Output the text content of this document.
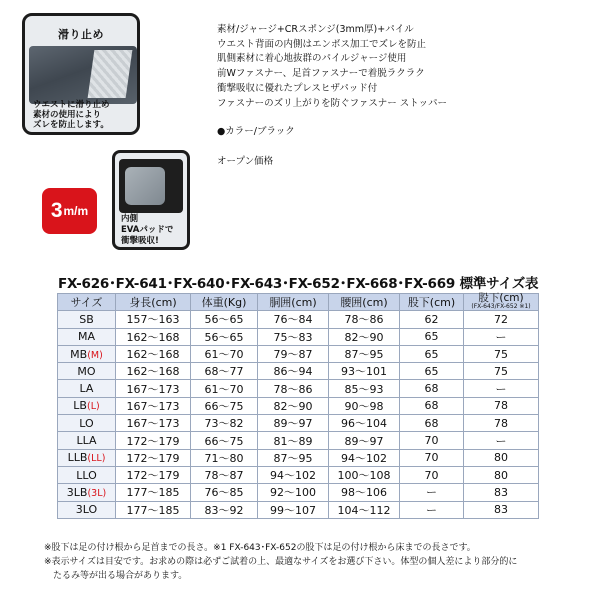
滑り止め
ウエストに滑り止め
素材の使用により
ズレを防止します。
3 m/m
内側
EVAパッドで
衝撃吸収!
素材/ジャージ+CRスポンジ(3mm厚)+パイル
ウエスト背面の内側はエンボス加工でズレを防止
肌側素材に着心地抜群のパイルジャージ使用
前Wファスナー、足首ファスナーで着脱ラクラク
衝撃吸収に優れたプレスヒザパッド付
ファスナーのズリ上がりを防ぐファスナー ストッパー
●カラー/ブラック
オープン価格
FX-626･FX-641･FX-640･FX-643･FX-652･FX-668･FX-669 標準サイズ表
サイズ	身長(cm)	体重(Kg)	胴囲(cm)	腰囲(cm)	股下(cm)	股下(cm)
(FX-643/FX-652 ※1)

SB	157～163	56～65	76～84	78～86	62	72
MA	162～168	56～65	75～83	82～90	65	ー
MB(M)	162～168	61～70	79～87	87～95	65	75
MO	162～168	68～77	86～94	93～101	65	75
LA	167～173	61～70	78～86	85～93	68	ー
LB(L)	167～173	66～75	82～90	90～98	68	78
LO	167～173	73～82	89～97	96～104	68	78
LLA	172～179	66～75	81～89	89～97	70	ー
LLB(LL)	172～179	71～80	87～95	94～102	70	80
LLO	172～179	78～87	94～102	100～108	70	80
3LB(3L)	177～185	76～85	92～100	98～106	ー	83
3LO	177～185	83～92	99～107	104～112	ー	83
※股下は足の付け根から足首までの長さ。※1 FX-643･FX-652の股下は足の付け根から床までの長さです。
※表示サイズは目安です。お求めの際は必ずご試着の上、最適なサイズをお選び下さい。体型の個人差により部分的に
　たるみ等が出る場合があります。
